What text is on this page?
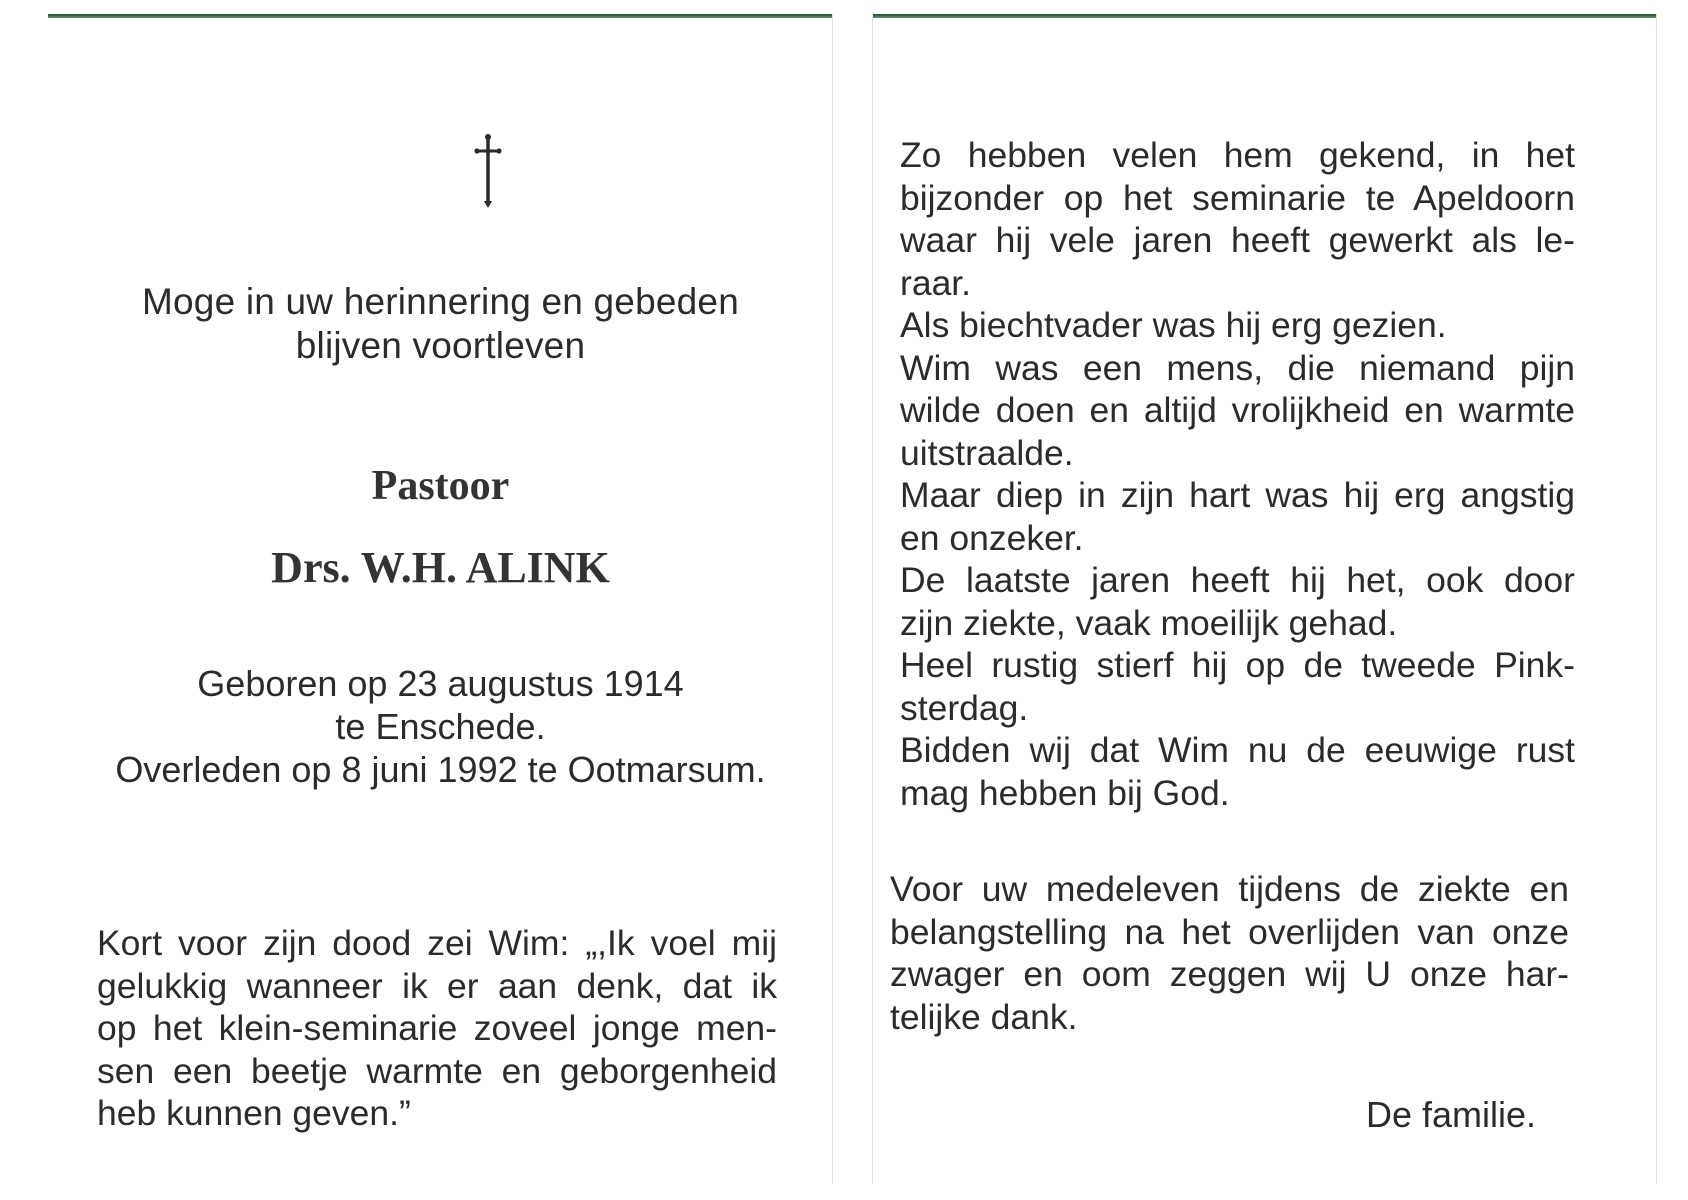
Moge in uw herinnering en gebeden
blijven voortleven
Pastoor
Drs. W.H. ALINK
Geboren op 23 augustus 1914
te Enschede.
Overleden op 8 juni 1992 te Ootmarsum.
Kort voor zijn dood zei Wim: „,Ik voel mij
gelukkig wanneer ik er aan denk, dat ik
op het klein-seminarie zoveel jonge men-
sen een beetje warmte en geborgenheid
heb kunnen geven.”
Zo hebben velen hem gekend, in het
bijzonder op het seminarie te Apeldoorn
waar hij vele jaren heeft gewerkt als le-
raar.
Als biechtvader was hij erg gezien.
Wim was een mens, die niemand pijn
wilde doen en altijd vrolijkheid en warmte
uitstraalde.
Maar diep in zijn hart was hij erg angstig
en onzeker.
De laatste jaren heeft hij het, ook door
zijn ziekte, vaak moeilijk gehad.
Heel rustig stierf hij op de tweede Pink-
sterdag.
Bidden wij dat Wim nu de eeuwige rust
mag hebben bij God.
Voor uw medeleven tijdens de ziekte en
belangstelling na het overlijden van onze
zwager en oom zeggen wij U onze har-
telijke dank.
De familie.
